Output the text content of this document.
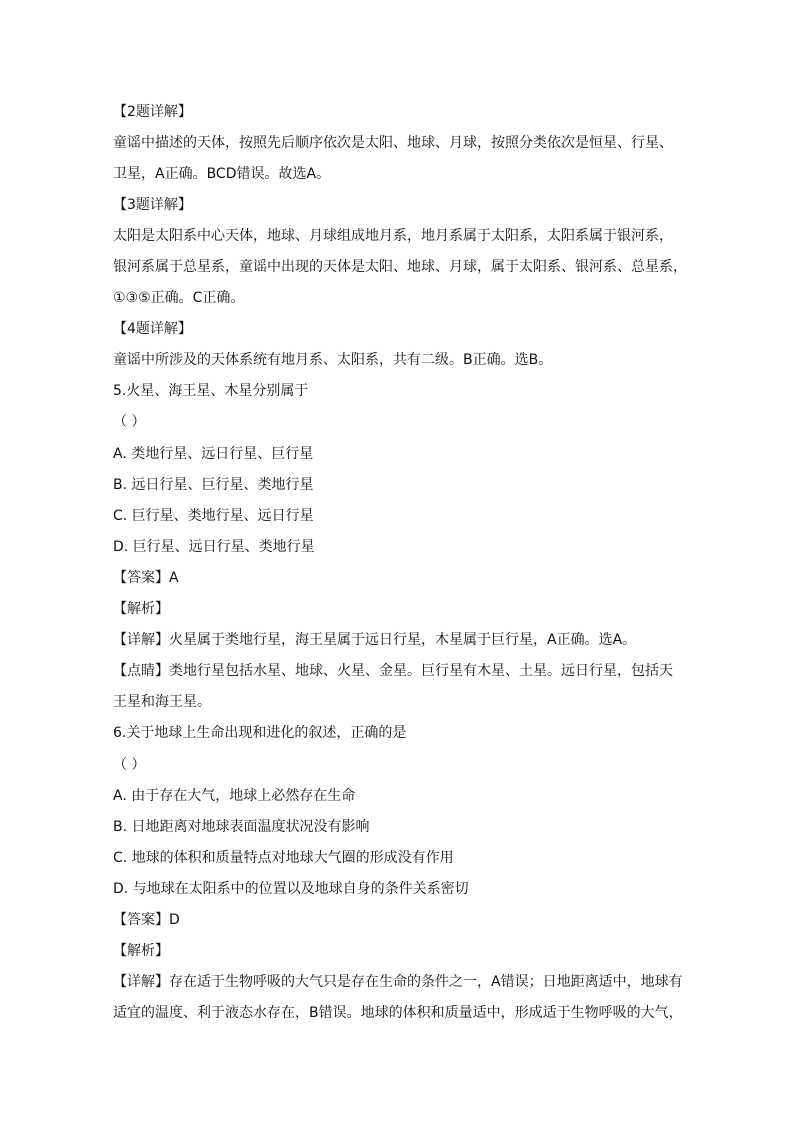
【2题详解】
童谣中描述的天体，按照先后顺序依次是太阳、地球、月球，按照分类依次是恒星、行星、
卫星，A正确。BCD错误。故选A。
【3题详解】
太阳是太阳系中心天体，地球、月球组成地月系，地月系属于太阳系，太阳系属于银河系，
银河系属于总星系，童谣中出现的天体是太阳、地球、月球，属于太阳系、银河系、总星系，
①③⑤正确。C正确。
【4题详解】
童谣中所涉及的天体系统有地月系、太阳系，共有二级。B正确。选B。
5.火星、海王星、木星分别属于
（ ）
A. 类地行星、远日行星、巨行星
B. 远日行星、巨行星、类地行星
C. 巨行星、类地行星、远日行星
D. 巨行星、远日行星、类地行星
【答案】A
【解析】
【详解】火星属于类地行星，海王星属于远日行星，木星属于巨行星，A正确。选A。
【点睛】类地行星包括水星、地球、火星、金星。巨行星有木星、土星。远日行星，包括天
王星和海王星。
6.关于地球上生命出现和进化的叙述，正确的是
（ ）
A. 由于存在大气，地球上必然存在生命
B. 日地距离对地球表面温度状况没有影响
C. 地球的体积和质量特点对地球大气圈的形成没有作用
D. 与地球在太阳系中的位置以及地球自身的条件关系密切
【答案】D
【解析】
【详解】存在适于生物呼吸的大气只是存在生命的条件之一，A错误；日地距离适中，地球有
适宜的温度、利于液态水存在，B错误。地球的体积和质量适中，形成适于生物呼吸的大气，
